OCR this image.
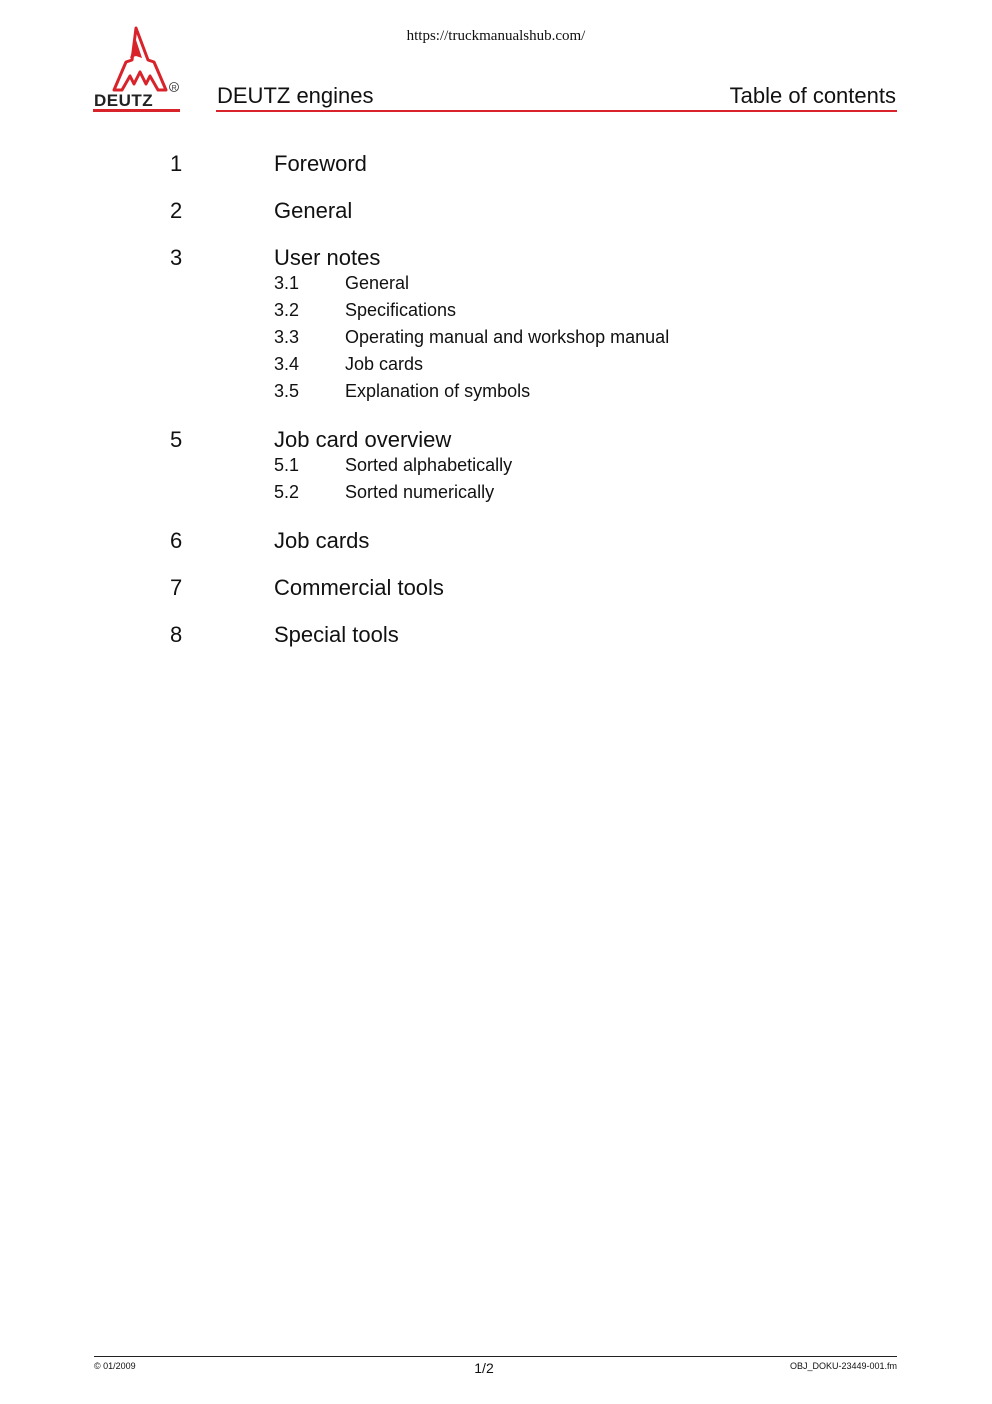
https://truckmanualshub.com/
DEUTZ
R DEUTZ engines	Table of contents
1	Foreword
2	General
3	User notes
3.1	General
3.2	Specifications
3.3	Operating manual and workshop manual
3.4	Job cards
3.5	Explanation of symbols
5	Job card overview
5.1	Sorted alphabetically
5.2	Sorted numerically
6	Job cards
7	Commercial tools
8	Special tools
© 01/2009	1/2	OBJ_DOKU-23449-001.fm
